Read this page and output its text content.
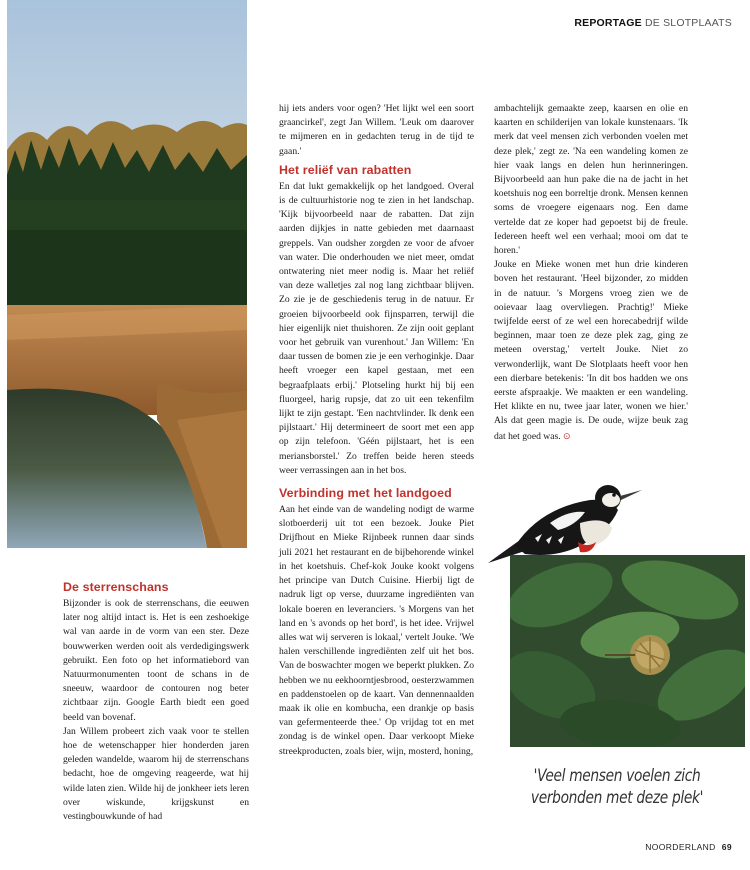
REPORTAGE DE SLOTPLAATS
De sterrenschans

Bijzonder is ook de sterrenschans, die eeuwen later nog altijd intact is. Het is een zeshoekige wal van aarde in de vorm van een ster. Deze bouwwerken werden ooit als verdedigingswerk gebruikt. Een foto op het informatiebord van Natuurmonumenten toont de schans in de sneeuw, waardoor de contouren nog beter zichtbaar zijn. Google Earth biedt een goed beeld van bovenaf.

Jan Willem probeert zich vaak voor te stellen hoe de wetenschapper hier honderden jaren geleden wandelde, waarom hij de sterrenschans bedacht, hoe de omgeving reageerde, wat hij wilde laten zien. Wilde hij de jonkheer iets leren over wiskunde, krijgskunst en vestingbouwkunde of had

hij iets anders voor ogen? 'Het lijkt wel een soort graancirkel', zegt Jan Willem. 'Leuk om daarover te mijmeren en in gedachten terug in de tijd te gaan.'

Het reliëf van rabatten

En dat lukt gemakkelijk op het landgoed. Overal is de cultuurhistorie nog te zien in het landschap. 'Kijk bijvoorbeeld naar de rabatten. Dat zijn aarden dijkjes in natte gebieden met daarnaast greppels. Van oudsher zorgden ze voor de afvoer van water. Die onderhouden we niet meer, omdat ontwatering niet meer nodig is. Maar het reliëf van deze walletjes zal nog lang zichtbaar blijven. Zo zie je de geschiedenis terug in de natuur. Er groeien bijvoorbeeld ook fijnsparren, terwijl die hier eigenlijk niet thuishoren. Ze zijn ooit geplant voor het gebruik van vurenhout.' Jan Willem: 'En daar tussen de bomen zie je een verhoginkje. Daar heeft vroeger een kapel gestaan, met een begraafplaats erbij.' Plotseling hurkt hij bij een fluorgeel, harig rupsje, dat zo uit een tekenfilm lijkt te zijn gestapt. 'Een nachtvlinder. Ik denk een pijlstaart.' Hij determineert de soort met een app op zijn telefoon. 'Géén pijlstaart, het is een meriansborstel.' Zo treffen beide heren steeds weer verrassingen aan in het bos.

Verbinding met het landgoed

Aan het einde van de wandeling nodigt de warme slotboerderij uit tot een bezoek. Jouke Piet Drijfhout en Mieke Rijnbeek runnen daar sinds juli 2021 het restaurant en de bijbehorende winkel in het koetshuis. Chef-kok Jouke kookt volgens het principe van Dutch Cuisine. Hierbij ligt de nadruk ligt op verse, duurzame ingrediënten van lokale boeren en leveranciers. 's Morgens van het land en 's avonds op het bord', is het idee. Vrijwel alles wat wij serveren is lokaal,' vertelt Jouke. 'We halen verschillende ingrediënten zelf uit het bos. Van de boswachter mogen we beperkt plukken. Zo hebben we nu eekhoorntjesbrood, oesterzwammen en paddenstoelen op de kaart. Van dennennaalden maak ik olie en kombucha, een drankje op basis van gefermenteerde thee.' Op vrijdag tot en met zondag is de winkel open. Daar verkoopt Mieke streekproducten, zoals bier, wijn, mosterd, honing,

ambachtelijk gemaakte zeep, kaarsen en olie en kaarten en schilderijen van lokale kunstenaars. 'Ik merk dat veel mensen zich verbonden voelen met deze plek,' zegt ze. 'Na een wandeling komen ze hier vaak langs en delen hun herinneringen. Bijvoorbeeld aan hun pake die na de jacht in het koetshuis nog een borreltje dronk. Mensen kennen soms de vroegere eigenaars nog. Een dame vertelde dat ze koper had gepoetst bij de freule. Iedereen heeft wel een verhaal; mooi om dat te horen.'

Jouke en Mieke wonen met hun drie kinderen boven het restaurant. 'Heel bijzonder, zo midden in de natuur. 's Morgens vroeg zien we de ooievaar laag overvliegen. Prachtig!' Mieke twijfelde eerst of ze wel een horecabedrijf wilde beginnen, maar toen ze deze plek zag, ging ze meteen overstag,' vertelt Jouke. Niet zo verwonderlijk, want De Slotplaats heeft voor hen een dierbare betekenis: 'In dit bos hadden we ons eerste afspraakje. We maakten er een wandeling. Het klikte en nu, twee jaar later, wonen we hier.' Als dat geen magie is. De oude, wijze beuk zag dat het goed was. ⊙

'Veel mensen voelen zich verbonden met deze plek'
NOORDERLAND 69
